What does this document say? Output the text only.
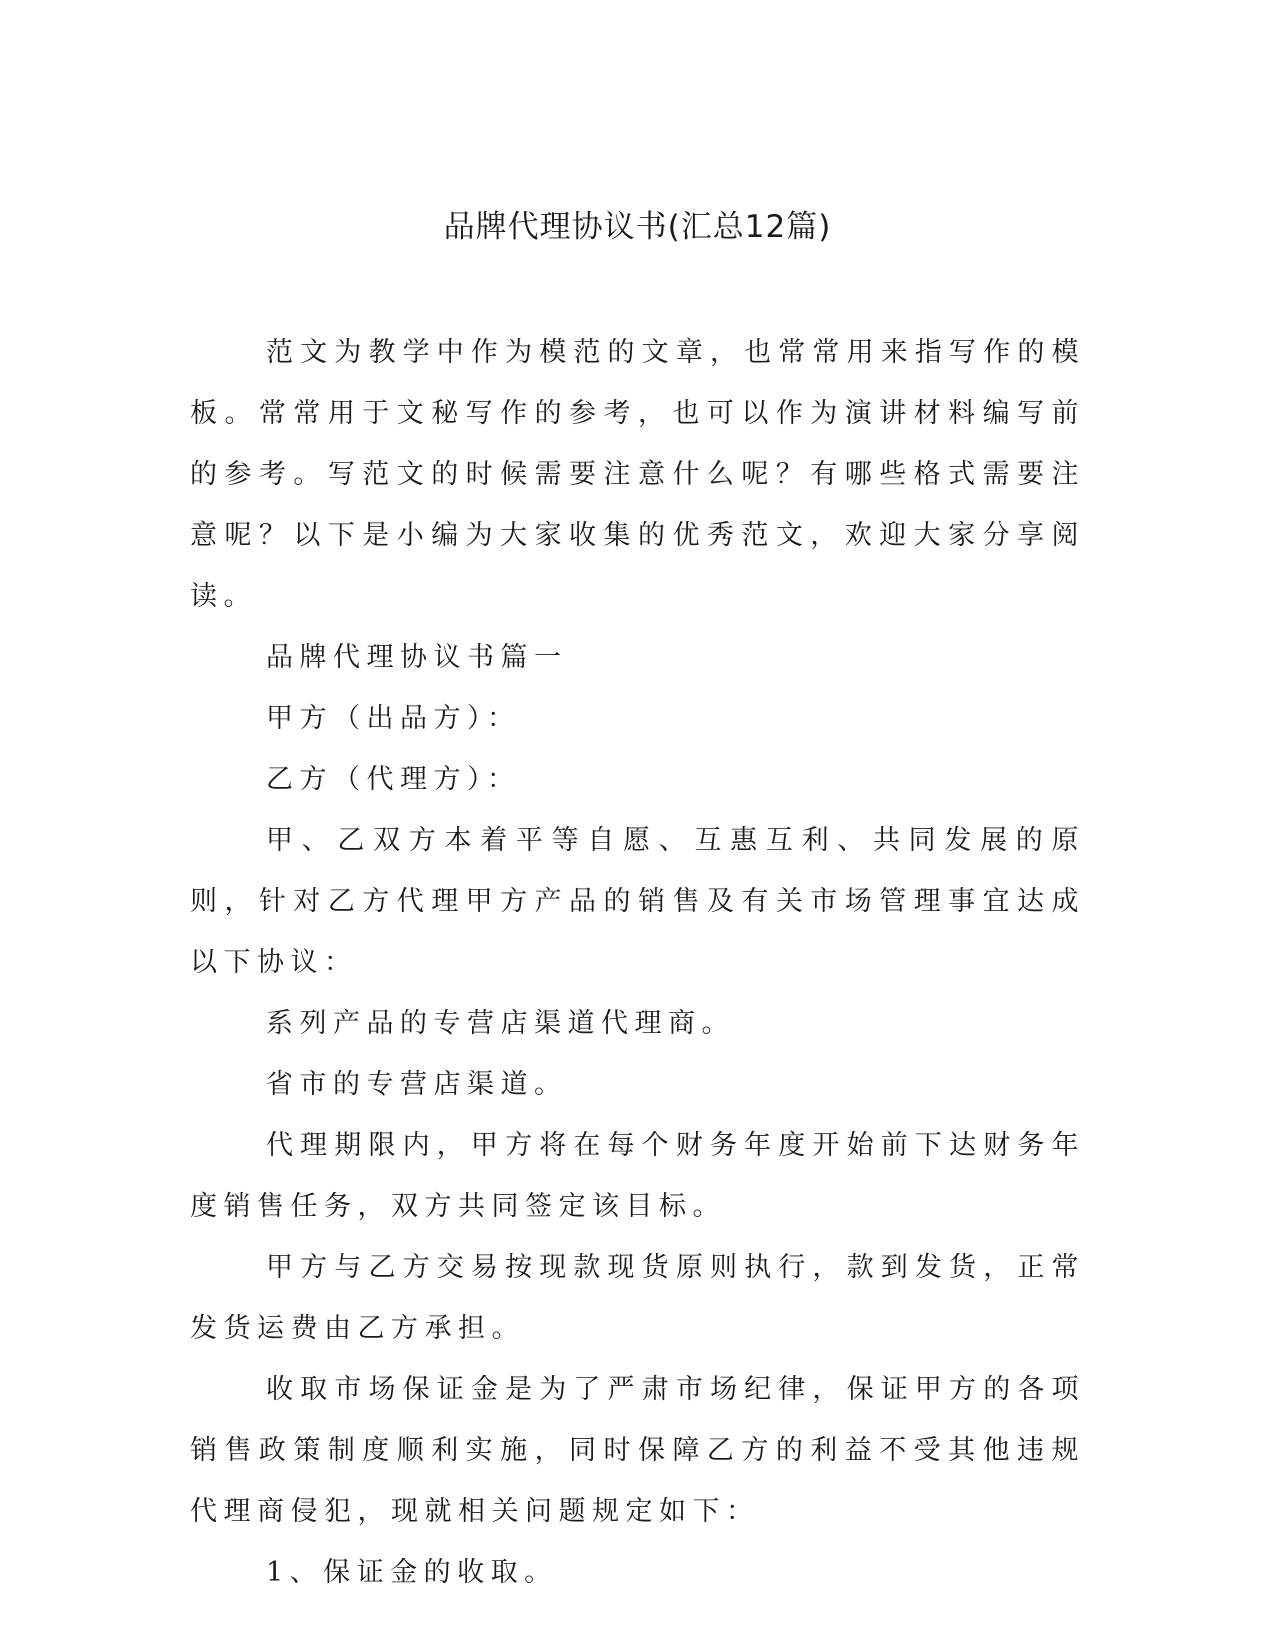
品牌代理协议书(汇总12篇)

范文为教学中作为模范的文章，也常常用来指写作的模板。常常用于文秘写作的参考，也可以作为演讲材料编写前的参考。写范文的时候需要注意什么呢？有哪些格式需要注意呢？以下是小编为大家收集的优秀范文，欢迎大家分享阅读。

品牌代理协议书篇一

甲方（出品方）：

乙方（代理方）：

甲、乙双方本着平等自愿、互惠互利、共同发展的原则，针对乙方代理甲方产品的销售及有关市场管理事宜达成以下协议：

系列产品的专营店渠道代理商。

省市的专营店渠道。

代理期限内，甲方将在每个财务年度开始前下达财务年度销售任务，双方共同签定该目标。

甲方与乙方交易按现款现货原则执行，款到发货，正常发货运费由乙方承担。

收取市场保证金是为了严肃市场纪律，保证甲方的各项销售政策制度顺利实施，同时保障乙方的利益不受其他违规代理商侵犯，现就相关问题规定如下：

1、保证金的收取。
